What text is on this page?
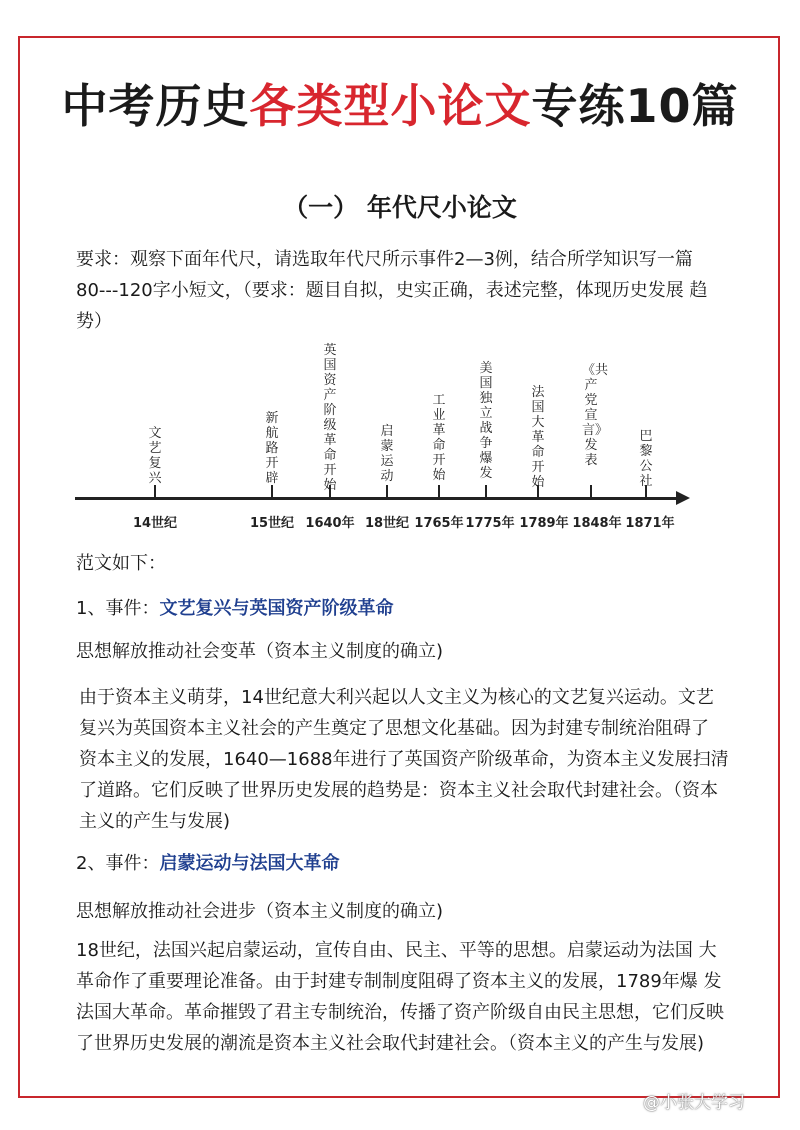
中考历史各类型小论文专练10篇
（一） 年代尺小论文
要求：观察下面年代尺，请选取年代尺所示事件2—3例，结合所学知识写一篇 80---120字小短文，（要求：题目自拟，史实正确，表述完整，体现历史发展 趋势）
文艺复兴
新航路开辟
英国资产阶级革命开始
启蒙运动
工业革命开始
美国独立战争爆发
法国大革命开始
《共产党宣言》发表
巴黎公社
14世纪	15世纪 1640年 18世纪 1765年 1775年 1789年 1848年 1871年
范文如下：
1、事件：文艺复兴与英国资产阶级革命
思想解放推动社会变革（资本主义制度的确立)
由于资本主义萌芽，14世纪意大利兴起以人文主义为核心的文艺复兴运动。文艺 复兴为英国资本主义社会的产生奠定了思想文化基础。因为封建专制统治阻碍了 资本主义的发展，1640—1688年进行了英国资产阶级革命，为资本主义发展扫清 了道路。它们反映了世界历史发展的趋势是：资本主义社会取代封建社会。（资本主义的产生与发展)
2、事件：启蒙运动与法国大革命
思想解放推动社会进步（资本主义制度的确立)
18世纪，法国兴起启蒙运动，宣传自由、民主、平等的思想。启蒙运动为法国 大革命作了重要理论准备。由于封建专制制度阻碍了资本主义的发展，1789年爆 发法国大革命。革命摧毁了君主专制统治，传播了资产阶级自由民主思想，它们反映了世界历史发展的潮流是资本主义社会取代封建社会。（资本主义的产生与发展)
@小张大学习
